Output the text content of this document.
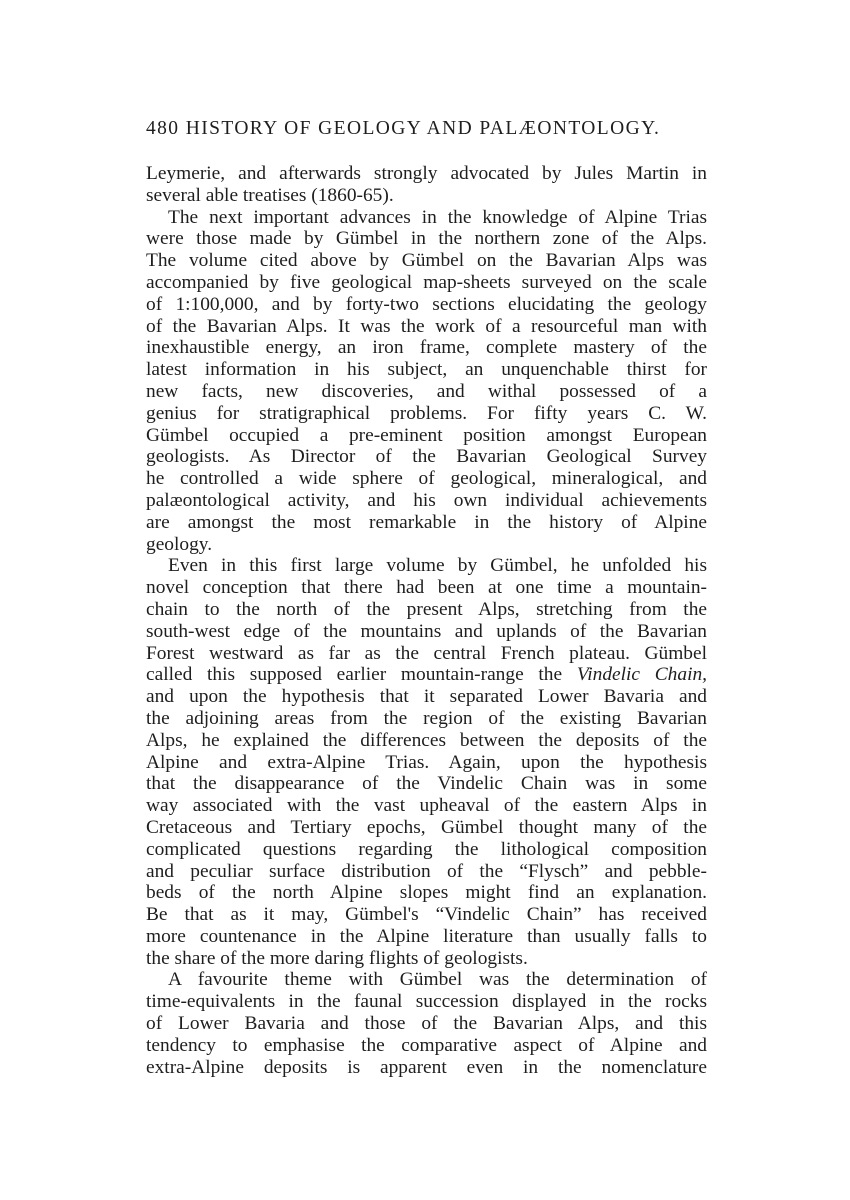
480 HISTORY OF GEOLOGY AND PALÆONTOLOGY.
Leymerie, and afterwards strongly advocated by Jules Martin in
several able treatises (1860-65).
The next important advances in the knowledge of Alpine Trias
were those made by Gümbel in the northern zone of the Alps.
The volume cited above by Gümbel on the Bavarian Alps was
accompanied by five geological map-sheets surveyed on the scale
of 1:100,000, and by forty-two sections elucidating the geology
of the Bavarian Alps. It was the work of a resourceful man with
inexhaustible energy, an iron frame, complete mastery of the
latest information in his subject, an unquenchable thirst for
new facts, new discoveries, and withal possessed of a
genius for stratigraphical problems. For fifty years C. W.
Gümbel occupied a pre-eminent position amongst European
geologists. As Director of the Bavarian Geological Survey
he controlled a wide sphere of geological, mineralogical, and
palæontological activity, and his own individual achievements
are amongst the most remarkable in the history of Alpine
geology.
Even in this first large volume by Gümbel, he unfolded his
novel conception that there had been at one time a mountain-
chain to the north of the present Alps, stretching from the
south-west edge of the mountains and uplands of the Bavarian
Forest westward as far as the central French plateau. Gümbel
called this supposed earlier mountain-range the Vindelic Chain,
and upon the hypothesis that it separated Lower Bavaria and
the adjoining areas from the region of the existing Bavarian
Alps, he explained the differences between the deposits of the
Alpine and extra-Alpine Trias. Again, upon the hypothesis
that the disappearance of the Vindelic Chain was in some
way associated with the vast upheaval of the eastern Alps in
Cretaceous and Tertiary epochs, Gümbel thought many of the
complicated questions regarding the lithological composition
and peculiar surface distribution of the “Flysch” and pebble-
beds of the north Alpine slopes might find an explanation.
Be that as it may, Gümbel's “Vindelic Chain” has received
more countenance in the Alpine literature than usually falls to
the share of the more daring flights of geologists.
A favourite theme with Gümbel was the determination of
time-equivalents in the faunal succession displayed in the rocks
of Lower Bavaria and those of the Bavarian Alps, and this
tendency to emphasise the comparative aspect of Alpine and
extra-Alpine deposits is apparent even in the nomenclature
